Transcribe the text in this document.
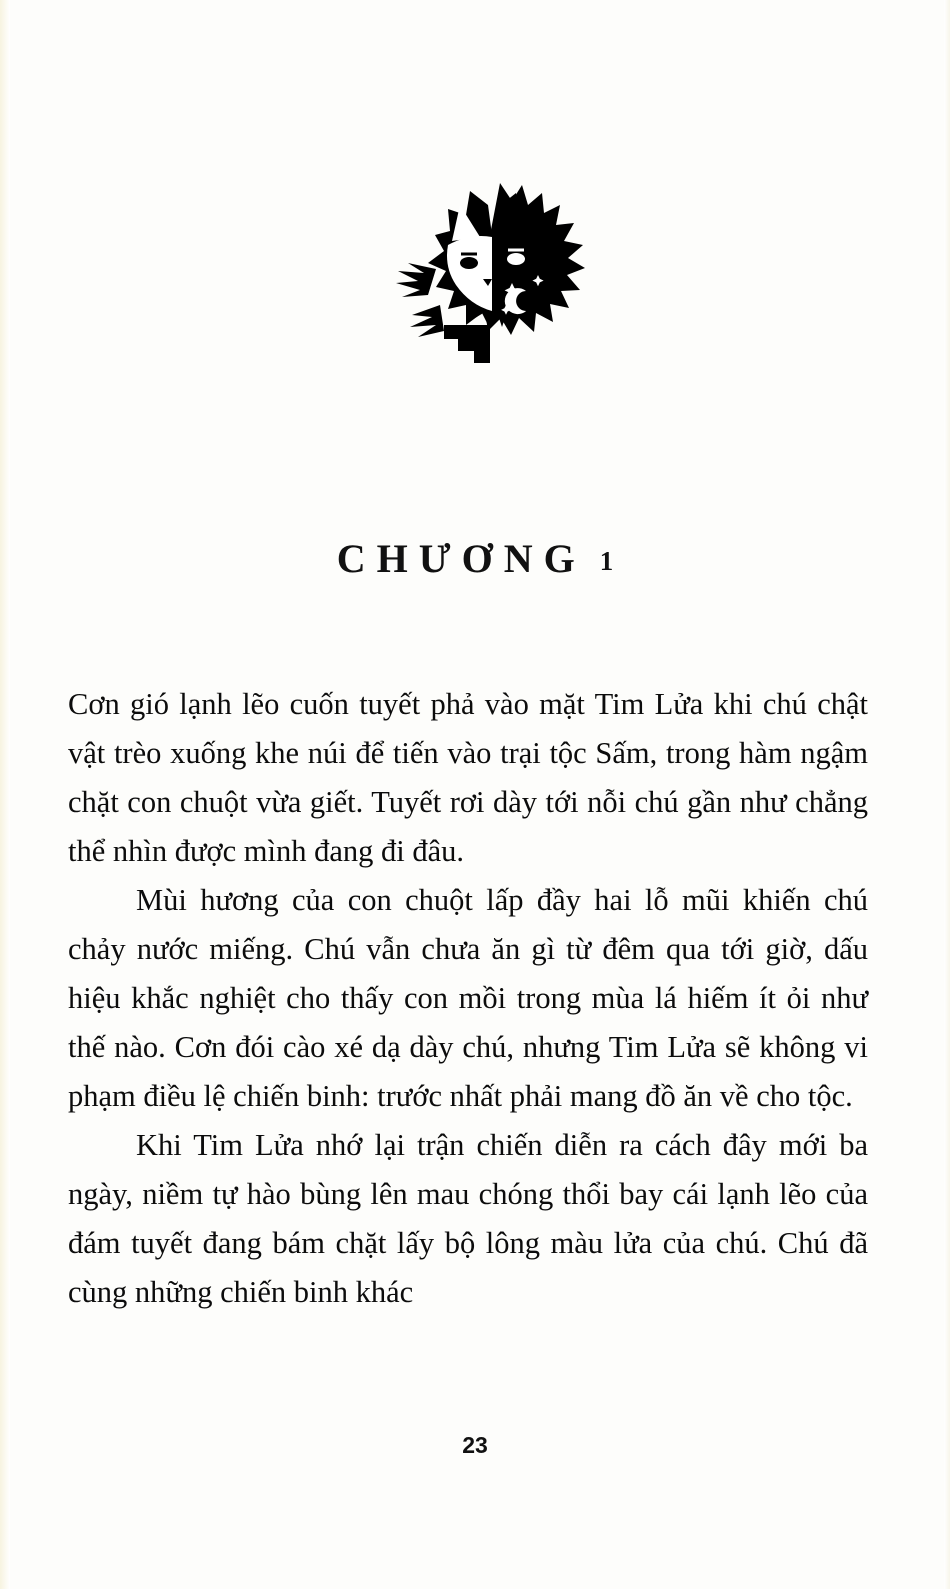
CHƯƠNG 1

Cơn gió lạnh lẽo cuốn tuyết phả vào mặt Tim Lửa khi chú chật vật trèo xuống khe núi để tiến vào trại tộc Sấm, trong hàm ngậm chặt con chuột vừa giết. Tuyết rơi dày tới nỗi chú gần như chẳng thể nhìn được mình đang đi đâu.

Mùi hương của con chuột lấp đầy hai lỗ mũi khiến chú chảy nước miếng. Chú vẫn chưa ăn gì từ đêm qua tới giờ, dấu hiệu khắc nghiệt cho thấy con mồi trong mùa lá hiếm ít ỏi như thế nào. Cơn đói cào xé dạ dày chú, nhưng Tim Lửa sẽ không vi phạm điều lệ chiến binh: trước nhất phải mang đồ ăn về cho tộc.

Khi Tim Lửa nhớ lại trận chiến diễn ra cách đây mới ba ngày, niềm tự hào bùng lên mau chóng thổi bay cái lạnh lẽo của đám tuyết đang bám chặt lấy bộ lông màu lửa của chú. Chú đã cùng những chiến binh khác

23
